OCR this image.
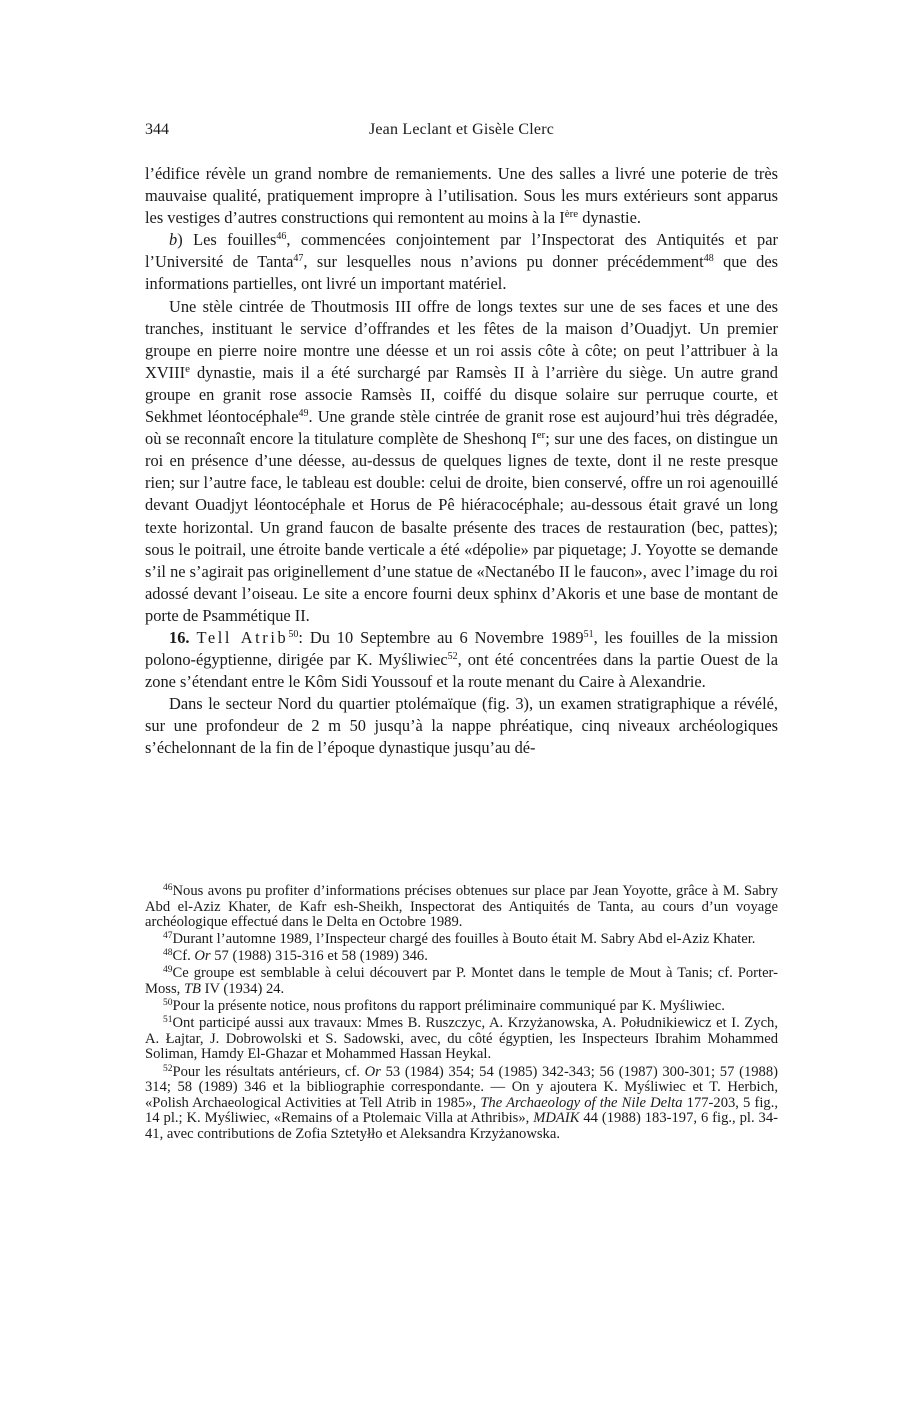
344	Jean Leclant et Gisèle Clerc

l’édifice révèle un grand nombre de remaniements. Une des salles a livré une poterie de très mauvaise qualité, pratiquement impropre à l’utilisation. Sous les murs extérieurs sont apparus les vestiges d’autres constructions qui remontent au moins à la Ière dynastie.

b) Les fouilles$^{46}$, commencées conjointement par l’Inspectorat des Antiquités et par l’Université de Tanta$^{47}$, sur lesquelles nous n’avions pu donner précédemment$^{48}$ que des informations partielles, ont livré un important matériel.

Une stèle cintrée de Thoutmosis III offre de longs textes sur une de ses faces et une des tranches, instituant le service d’offrandes et les fêtes de la maison d’Ouadjyt. Un premier groupe en pierre noire montre une déesse et un roi assis côte à côte; on peut l’attribuer à la XVIIIe dynastie, mais il a été surchargé par Ramsès II à l’arrière du siège. Un autre grand groupe en granit rose associe Ramsès II, coiffé du disque solaire sur perruque courte, et Sekhmet léontocéphale$^{49}$. Une grande stèle cintrée de granit rose est aujourd’hui très dégradée, où se reconnaît encore la titulature complète de Sheshonq Ier; sur une des faces, on distingue un roi en présence d’une déesse, au-dessus de quelques lignes de texte, dont il ne reste presque rien; sur l’autre face, le tableau est double: celui de droite, bien conservé, offre un roi agenouillé devant Ouadjyt léontocéphale et Horus de Pê hiéracocéphale; au-dessous était gravé un long texte horizontal. Un grand faucon de basalte présente des traces de restauration (bec, pattes); sous le poitrail, une étroite bande verticale a été «dépolie» par piquetage; J. Yoyotte se demande s’il ne s’agirait pas originellement d’une statue de «Nectanébo II le faucon», avec l’image du roi adossé devant l’oiseau. Le site a encore fourni deux sphinx d’Akoris et une base de montant de porte de Psammétique II.

16. Tell Atrib$^{50}$: Du 10 Septembre au 6 Novembre 1989$^{51}$, les fouilles de la mission polono-égyptienne, dirigée par K. Myśliwiec$^{52}$, ont été concentrées dans la partie Ouest de la zone s’étendant entre le Kôm Sidi Youssouf et la route menant du Caire à Alexandrie.

Dans le secteur Nord du quartier ptolémaïque (fig. 3), un examen stratigraphique a révélé, sur une profondeur de 2 m 50 jusqu’à la nappe phréatique, cinq niveaux archéologiques s’échelonnant de la fin de l’époque dynastique jusqu’au dé-

$^{46}$Nous avons pu profiter d’informations précises obtenues sur place par Jean Yoyotte, grâce à M. Sabry Abd el-Aziz Khater, de Kafr esh-Sheikh, Inspectorat des Antiquités de Tanta, au cours d’un voyage archéologique effectué dans le Delta en Octobre 1989.

$^{47}$Durant l’automne 1989, l’Inspecteur chargé des fouilles à Bouto était M. Sabry Abd el-Aziz Khater.

$^{48}$Cf. Or 57 (1988) 315-316 et 58 (1989) 346.

$^{49}$Ce groupe est semblable à celui découvert par P. Montet dans le temple de Mout à Tanis; cf. Porter-Moss, TB IV (1934) 24.

$^{50}$Pour la présente notice, nous profitons du rapport préliminaire communiqué par K. Myśliwiec.

$^{51}$Ont participé aussi aux travaux: Mmes B. Ruszczyc, A. Krzyżanowska, A. Południkiewicz et I. Zych, A. Łajtar, J. Dobrowolski et S. Sadowski, avec, du côté égyptien, les Inspecteurs Ibrahim Mohammed Soliman, Hamdy El-Ghazar et Mohammed Hassan Heykal.

$^{52}$Pour les résultats antérieurs, cf. Or 53 (1984) 354; 54 (1985) 342-343; 56 (1987) 300-301; 57 (1988) 314; 58 (1989) 346 et la bibliographie correspondante. — On y ajoutera K. Myśliwiec et T. Herbich, «Polish Archaeological Activities at Tell Atrib in 1985», The Archaeology of the Nile Delta 177-203, 5 fig., 14 pl.; K. Myśliwiec, «Remains of a Ptolemaic Villa at Athribis», MDAIK 44 (1988) 183-197, 6 fig., pl. 34-41, avec contributions de Zofia Sztetyłło et Aleksandra Krzyżanowska.
